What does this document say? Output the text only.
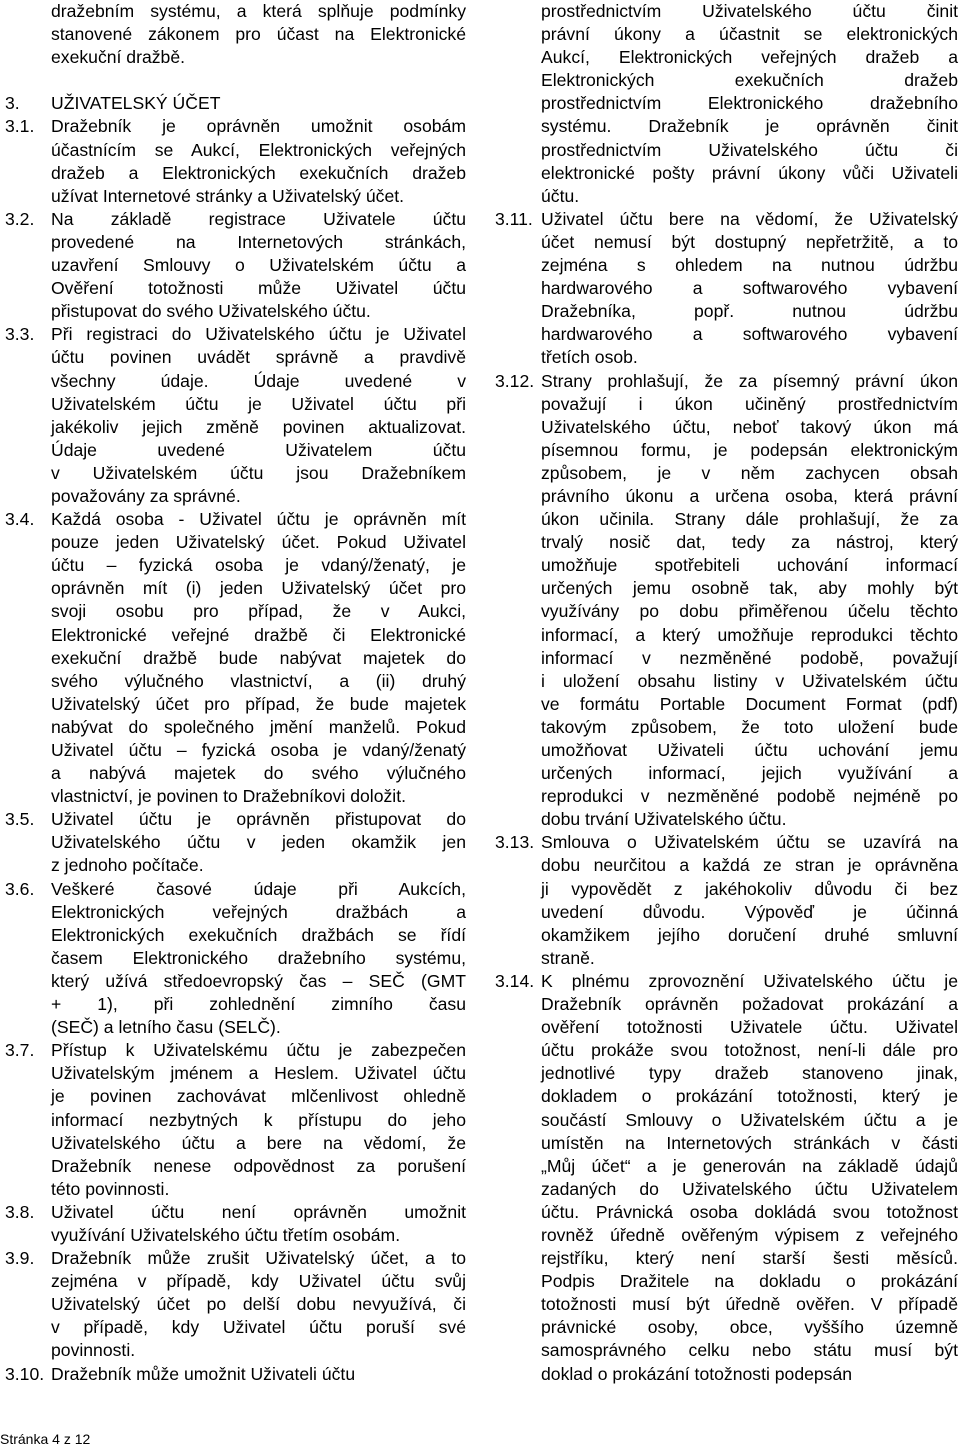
dražebním systému, a která splňuje podmínky
stanovené zákonem pro účast na Elektronické
exekuční dražbě.
3. UŽIVATELSKÝ ÚČET
3.1. Dražebník je oprávněn umožnit osobám
účastnícím se Aukcí, Elektronických veřejných
dražeb a Elektronických exekučních dražeb
užívat Internetové stránky a Uživatelský účet.
3.2. Na základě registrace Uživatele účtu
provedené na Internetových stránkách,
uzavření Smlouvy o Uživatelském účtu a
Ověření totožnosti může Uživatel účtu
přistupovat do svého Uživatelského účtu.
3.3. Při registraci do Uživatelského účtu je Uživatel
účtu povinen uvádět správně a pravdivě
všechny údaje. Údaje uvedené v
Uživatelském účtu je Uživatel účtu při
jakékoliv jejich změně povinen aktualizovat.
Údaje uvedené Uživatelem účtu
v Uživatelském účtu jsou Dražebníkem
považovány za správné.
3.4. Každá osoba - Uživatel účtu je oprávněn mít
pouze jeden Uživatelský účet. Pokud Uživatel
účtu – fyzická osoba je vdaný/ženatý, je
oprávněn mít (i) jeden Uživatelský účet pro
svoji osobu pro případ, že v Aukci,
Elektronické veřejné dražbě či Elektronické
exekuční dražbě bude nabývat majetek do
svého výlučného vlastnictví, a (ii) druhý
Uživatelský účet pro případ, že bude majetek
nabývat do společného jmění manželů. Pokud
Uživatel účtu – fyzická osoba je vdaný/ženatý
a nabývá majetek do svého výlučného
vlastnictví, je povinen to Dražebníkovi doložit.
3.5. Uživatel účtu je oprávněn přistupovat do
Uživatelského účtu v jeden okamžik jen
z jednoho počítače.
3.6. Veškeré časové údaje při Aukcích,
Elektronických veřejných dražbách a
Elektronických exekučních dražbách se řídí
časem Elektronického dražebního systému,
který užívá středoevropský čas – SEČ (GMT
+ 1), při zohlednění zimního času
(SEČ) a letního času (SELČ).
3.7. Přístup k Uživatelskému účtu je zabezpečen
Uživatelským jménem a Heslem. Uživatel účtu
je povinen zachovávat mlčenlivost ohledně
informací nezbytných k přístupu do jeho
Uživatelského účtu a bere na vědomí, že
Dražebník nenese odpovědnost za porušení
této povinnosti.
3.8. Uživatel účtu není oprávněn umožnit
využívání Uživatelského účtu třetím osobám.
3.9. Dražebník může zrušit Uživatelský účet, a to
zejména v případě, kdy Uživatel účtu svůj
Uživatelský účet po delší dobu nevyužívá, či
v případě, kdy Uživatel účtu poruší své
povinnosti.
3.10. Dražebník může umožnit Uživateli účtu
prostřednictvím Uživatelského účtu činit
právní úkony a účastnit se elektronických
Aukcí, Elektronických veřejných dražeb a
Elektronických exekučních dražeb
prostřednictvím Elektronického dražebního
systému. Dražebník je oprávněn činit
prostřednictvím Uživatelského účtu či
elektronické pošty právní úkony vůči Uživateli
účtu.
3.11. Uživatel účtu bere na vědomí, že Uživatelský
účet nemusí být dostupný nepřetržitě, a to
zejména s ohledem na nutnou údržbu
hardwarového a softwarového vybavení
Dražebníka, popř. nutnou údržbu
hardwarového a softwarového vybavení
třetích osob.
3.12. Strany prohlašují, že za písemný právní úkon
považují i úkon učiněný prostřednictvím
Uživatelského účtu, neboť takový úkon má
písemnou formu, je podepsán elektronickým
způsobem, je v něm zachycen obsah
právního úkonu a určena osoba, která právní
úkon učinila. Strany dále prohlašují, že za
trvalý nosič dat, tedy za nástroj, který
umožňuje spotřebiteli uchování informací
určených jemu osobně tak, aby mohly být
využívány po dobu přiměřenou účelu těchto
informací, a který umožňuje reprodukci těchto
informací v nezměněné podobě, považují
i uložení obsahu listiny v Uživatelském účtu
ve formátu Portable Document Format (pdf)
takovým způsobem, že toto uložení bude
umožňovat Uživateli účtu uchování jemu
určených informací, jejich využívání a
reprodukci v nezměněné podobě nejméně po
dobu trvání Uživatelského účtu.
3.13. Smlouva o Uživatelském účtu se uzavírá na
dobu neurčitou a každá ze stran je oprávněna
ji vypovědět z jakéhokoliv důvodu či bez
uvedení důvodu. Výpověď je účinná
okamžikem jejího doručení druhé smluvní
straně.
3.14. K plnému zprovoznění Uživatelského účtu je
Dražebník oprávněn požadovat prokázání a
ověření totožnosti Uživatele účtu. Uživatel
účtu prokáže svou totožnost, není-li dále pro
jednotlivé typy dražeb stanoveno jinak,
dokladem o prokázání totožnosti, který je
součástí Smlouvy o Uživatelském účtu a je
umístěn na Internetových stránkách v části
„Můj účet“ a je generován na základě údajů
zadaných do Uživatelského účtu Uživatelem
účtu. Právnická osoba dokládá svou totožnost
rovněž úředně ověřeným výpisem z veřejného
rejstříku, který není starší šesti měsíců.
Podpis Dražitele na dokladu o prokázání
totožnosti musí být úředně ověřen. V případě
právnické osoby, obce, vyššího územně
samosprávného celku nebo státu musí být
doklad o prokázání totožnosti podepsán
Stránka 4 z 12
